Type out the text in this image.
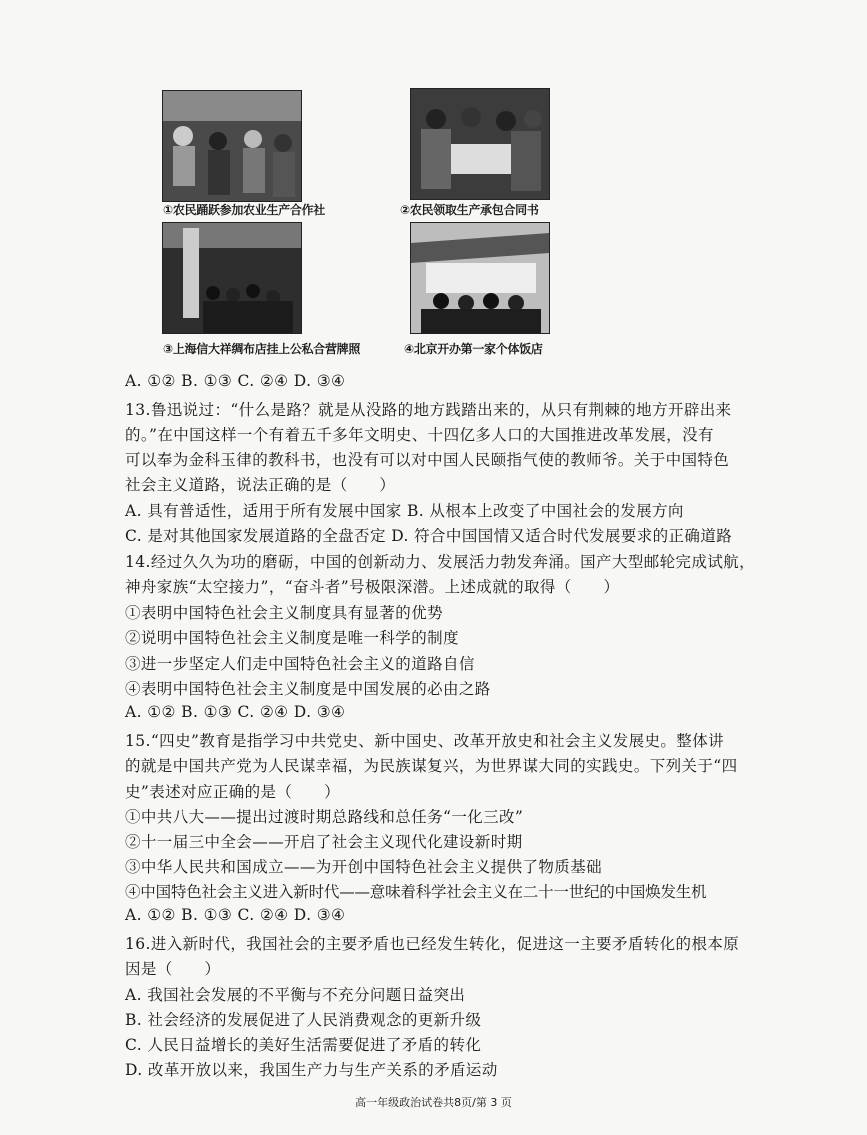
①农民踊跃参加农业生产合作社	②农民领取生产承包合同书
③上海信大祥绸布店挂上公私合营牌照	④北京开办第一家个体饭店
A. ①② B. ①③ C. ②④ D. ③④
13.鲁迅说过：“什么是路？就是从没路的地方践踏出来的，从只有荆棘的地方开辟出来
的。”在中国这样一个有着五千多年文明史、十四亿多人口的大国推进改革发展，没有
可以奉为金科玉律的教科书，也没有可以对中国人民颐指气使的教师爷。关于中国特色
社会主义道路，说法正确的是（　　）
A. 具有普适性，适用于所有发展中国家 B. 从根本上改变了中国社会的发展方向
C. 是对其他国家发展道路的全盘否定 D. 符合中国国情又适合时代发展要求的正确道路
14.经过久久为功的磨砺，中国的创新动力、发展活力勃发奔涌。国产大型邮轮完成试航，
神舟家族“太空接力”，“奋斗者”号极限深潜。上述成就的取得（　　）
①表明中国特色社会主义制度具有显著的优势
②说明中国特色社会主义制度是唯一科学的制度
③进一步坚定人们走中国特色社会主义的道路自信
④表明中国特色社会主义制度是中国发展的必由之路
A. ①② B. ①③ C. ②④ D. ③④
15.“四史”教育是指学习中共党史、新中国史、改革开放史和社会主义发展史。整体讲
的就是中国共产党为人民谋幸福，为民族谋复兴，为世界谋大同的实践史。下列关于“四
史”表述对应正确的是（　　）
①中共八大——提出过渡时期总路线和总任务“一化三改”
②十一届三中全会——开启了社会主义现代化建设新时期
③中华人民共和国成立——为开创中国特色社会主义提供了物质基础
④中国特色社会主义进入新时代——意味着科学社会主义在二十一世纪的中国焕发生机
A. ①② B. ①③ C. ②④ D. ③④
16.进入新时代，我国社会的主要矛盾也已经发生转化，促进这一主要矛盾转化的根本原
因是（　　）
A. 我国社会发展的不平衡与不充分问题日益突出
B. 社会经济的发展促进了人民消费观念的更新升级
C. 人民日益增长的美好生活需要促进了矛盾的转化
D. 改革开放以来，我国生产力与生产关系的矛盾运动
高一年级政治试卷共8页/第 3 页
